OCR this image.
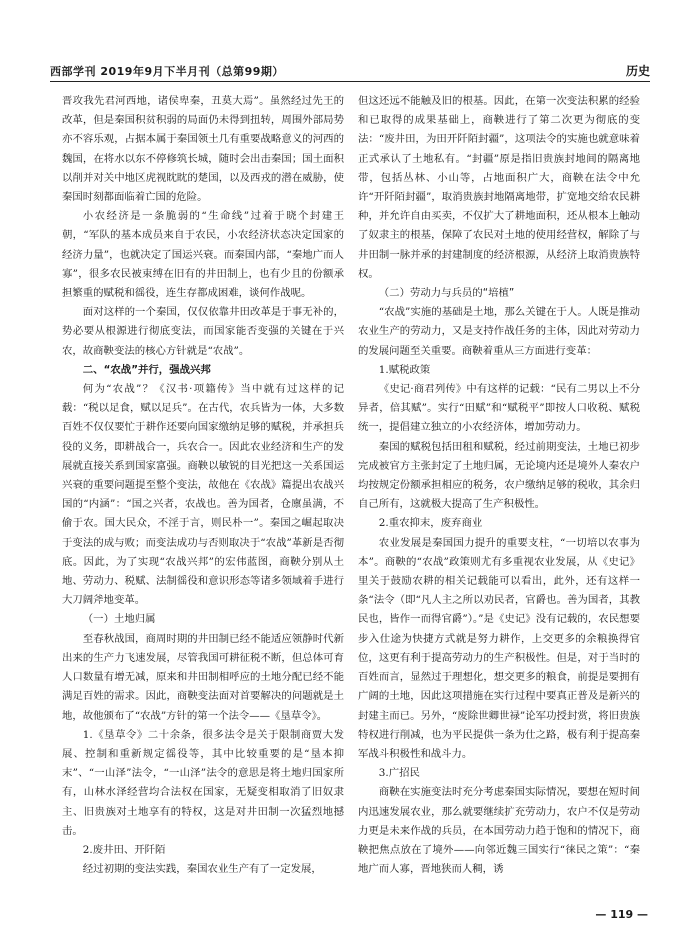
西部学刊 2019年9月下半月刊（总第99期）	历史

晋攻我先君河西地，诸侯卑秦，丑莫大焉”。虽然经过先王的改革，但是秦国积贫积弱的局面仍未得到扭转，周围外部局势亦不容乐观，占据本属于秦国领土几有重要战略意义的河西的魏国，在将水以东不停修筑长城，随时会出击秦国；国土面积以削并对关中地区虎视眈眈的楚国，以及西戎的潜在威胁，使秦国时刻都面临着亡国的危险。

小农经济是一条脆弱的“生命线”过着于晓个封建王朝，“军队的基本成员来自于农民，小农经济状态决定国家的经济力量”，也就决定了国运兴衰。而秦国内部，“秦地广而人寡”，很多农民被束缚在旧有的井田制上，也有少且的份额承担繁重的赋税和徭役，连生存都成困难，谈何作战呢。

面对这样的一个秦国，仅仅依靠井田改革是于事无补的，势必要从根源进行彻底变法，而国家能否变强的关键在于兴农，故商鞅变法的核心方针就是“农战”。

二、“农战”并行，强战兴邦

何为“农战”？《汉书·项籍传》当中就有过这样的记载：“税以足食，赋以足兵”。在古代，农兵皆为一体，大多数百姓不仅仅要忙于耕作还要向国家缴纳足够的赋税，并承担兵役的义务，即耕战合一，兵农合一。因此农业经济和生产的发展就直接关系到国家富强。商鞅以敏锐的目光把这一关系国运兴衰的重要问题提至整个变法，故他在《农战》篇提出农战兴国的“内涵”：“国之兴者，农战也。善为国者，仓廪虽满，不偷于农。国大民众，不淫于言，则民朴一”。秦国之崛起取决于变法的成与败；而变法成功与否则取决于“农战”革新是否彻底。因此，为了实现“农战兴邦”的宏伟蓝图，商鞅分别从土地、劳动力、税赋、法制徭役和意识形态等诸多领域着手进行大刀阔斧地变革。

（一）土地归属

至春秋战国，商周时期的井田制已经不能适应领静时代新出来的生产力飞速发展，尽管我国可耕征税不断，但总体可育人口数量有增无减，原来和井田制相呼应的土地分配已经不能满足百姓的需求。因此，商鞅变法面对首要解决的问题就是土地，故他颁布了“农战”方针的第一个法令——《垦草令》。

1.《垦草令》二十余条，很多法令是关于限制商贾大发展、控制和重新规定徭役等，其中比较重要的是“垦本抑末”、“一山泽”法令，“一山泽”法令的意思是将土地归国家所有，山林水泽经营均合法权在国家，无疑变相取消了旧奴隶主、旧贵族对土地享有的特权，这是对井田制一次猛烈地撼击。

2.废井田、开阡陌

经过初期的变法实践，秦国农业生产有了一定发展，

但这还远不能触及旧的根基。因此，在第一次变法积累的经验和已取得的成果基础上，商鞅进行了第二次更为彻底的变法：“废井田，为田开阡陌封疆”，这项法令的实施也就意味着正式承认了土地私有。“封疆”原是指旧贵族封地间的隔离地带，包括丛林、小山等，占地面积广大，商鞅在法令中允许“开阡陌封疆”，取消贵族封地隔离地带，扩宽地交给农民耕种，并允许自由买卖，不仅扩大了耕地面积，还从根本上触动了奴隶主的根基，保障了农民对土地的使用经营权，解除了与井田制一脉并承的封建制度的经济根源，从经济上取消贵族特权。

（二）劳动力与兵员的“培植”

“农战”实施的基础是土地，那么关键在于人。人既是推动农业生产的劳动力，又是支持作战任务的主体，因此对劳动力的发展问题至关重要。商鞅着重从三方面进行变革：

1.赋税政策

《史记·商君列传》中有这样的记载：“民有二男以上不分异者，倍其赋”。实行“田赋”和“赋税平”即按人口收税、赋税统一，提倡建立独立的小农经济体，增加劳动力。

秦国的赋税包括田租和赋税，经过前期变法，土地已初步完成被官方主张封定了土地归属，无论境内还是境外人秦农户均按规定份额承担相应的税务，农户缴纳足够的税收，其余归自己所有，这就极大提高了生产积极性。

2.重农抑末，废弃商业

农业发展是秦国国力提升的重要支柱，“一切培以农事为本”。商鞅的“农战”政策则尤有多重视农业发展，从《史记》里关于鼓励农耕的相关记载能可以看出，此外，还有这样一条“法令（即“凡人主之所以劝民者，官爵也。善为国者，其教民也，皆作一而得官爵”）。”是《史记》没有记载的，农民想要步入仕途为快捷方式就是努力耕作，上交更多的余粮换得官位，这更有利于提高劳动力的生产积极性。但是，对于当时的百姓而言，显然过于理想化，想交更多的粮食，前提是要拥有广阔的土地，因此这项措施在实行过程中要真正普及是新兴的封建主而已。另外，“废除世卿世禄”论军功授封赏，将旧贵族特权进行削减，也为平民提供一条为仕之路，极有利于提高秦军战斗积极性和战斗力。

3.广招民

商鞅在实施变法时充分考虑秦国实际情况，要想在短时间内迅速发展农业，那么就要继续扩充劳动力，农户不仅是劳动力更是未来作战的兵员，在本国劳动力趋于饱和的情况下，商鞅把焦点放在了境外——向邻近魏三国实行“徕民之策”：“秦地广而人寡，晋地狭而人稠，诱

— 119 —
